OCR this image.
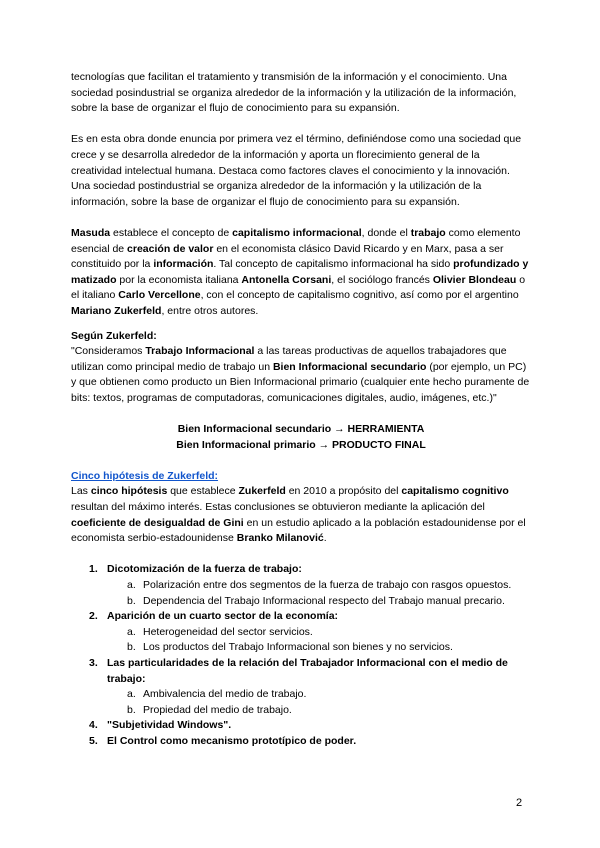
tecnologías que facilitan el tratamiento y transmisión de la información y el conocimiento. Una sociedad posindustrial se organiza alrededor de la información y la utilización de la información, sobre la base de organizar el flujo de conocimiento para su expansión.

Es en esta obra donde enuncia por primera vez el término, definiéndose como una sociedad que crece y se desarrolla alrededor de la información y aporta un florecimiento general de la creatividad intelectual humana. Destaca como factores claves el conocimiento y la innovación. Una sociedad postindustrial se organiza alrededor de la información y la utilización de la información, sobre la base de organizar el flujo de conocimiento para su expansión.

Masuda establece el concepto de capitalismo informacional, donde el trabajo como elemento esencial de creación de valor en el economista clásico David Ricardo y en Marx, pasa a ser constituido por la información. Tal concepto de capitalismo informacional ha sido profundizado y matizado por la economista italiana Antonella Corsani, el sociólogo francés Olivier Blondeau o el italiano Carlo Vercellone, con el concepto de capitalismo cognitivo, así como por el argentino Mariano Zukerfeld, entre otros autores.

Según Zukerfeld:

"Consideramos Trabajo Informacional a las tareas productivas de aquellos trabajadores que utilizan como principal medio de trabajo un Bien Informacional secundario (por ejemplo, un PC) y que obtienen como producto un Bien Informacional primario (cualquier ente hecho puramente de bits: textos, programas de computadoras, comunicaciones digitales, audio, imágenes, etc.)"

Bien Informacional secundario → HERRAMIENTA

Bien Informacional primario → PRODUCTO FINAL

Cinco hipótesis de Zukerfeld:

Las cinco hipótesis que establece Zukerfeld en 2010 a propósito del capitalismo cognitivo resultan del máximo interés. Estas conclusiones se obtuvieron mediante la aplicación del coeficiente de desigualdad de Gini en un estudio aplicado a la población estadounidense por el economista serbio-estadounidense Branko Milanović.

1. Dicotomización de la fuerza de trabajo:
a. Polarización entre dos segmentos de la fuerza de trabajo con rasgos opuestos.
b. Dependencia del Trabajo Informacional respecto del Trabajo manual precario.
2. Aparición de un cuarto sector de la economía:
a. Heterogeneidad del sector servicios.
b. Los productos del Trabajo Informacional son bienes y no servicios.
3. Las particularidades de la relación del Trabajador Informacional con el medio de trabajo:
a. Ambivalencia del medio de trabajo.
b. Propiedad del medio de trabajo.
4. "Subjetividad Windows".
5. El Control como mecanismo prototípico de poder.
2
